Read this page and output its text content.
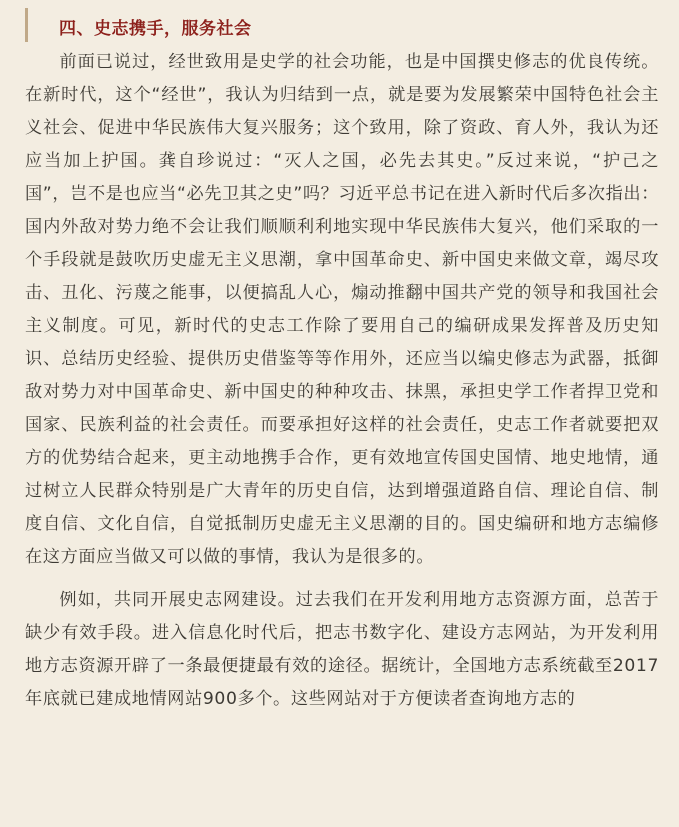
四、史志携手，服务社会

前面已说过，经世致用是史学的社会功能，也是中国撰史修志的优良传统。在新时代，这个“经世”，我认为归结到一点，就是要为发展繁荣中国特色社会主义社会、促进中华民族伟大复兴服务；这个致用，除了资政、育人外，我认为还应当加上护国。龚自珍说过：“灭人之国，必先去其史。”反过来说，“护己之国”，岂不是也应当“必先卫其之史”吗？习近平总书记在进入新时代后多次指出：国内外敌对势力绝不会让我们顺顺利利地实现中华民族伟大复兴，他们采取的一个手段就是鼓吹历史虚无主义思潮，拿中国革命史、新中国史来做文章，竭尽攻击、丑化、污蔑之能事，以便搞乱人心，煽动推翻中国共产党的领导和我国社会主义制度。可见，新时代的史志工作除了要用自己的编研成果发挥普及历史知识、总结历史经验、提供历史借鉴等等作用外，还应当以编史修志为武器，抵御敌对势力对中国革命史、新中国史的种种攻击、抹黑，承担史学工作者捍卫党和国家、民族利益的社会责任。而要承担好这样的社会责任，史志工作者就要把双方的优势结合起来，更主动地携手合作，更有效地宣传国史国情、地史地情，通过树立人民群众特别是广大青年的历史自信，达到增强道路自信、理论自信、制度自信、文化自信，自觉抵制历史虚无主义思潮的目的。国史编研和地方志编修在这方面应当做又可以做的事情，我认为是很多的。

例如，共同开展史志网建设。过去我们在开发利用地方志资源方面，总苦于缺少有效手段。进入信息化时代后，把志书数字化、建设方志网站，为开发利用地方志资源开辟了一条最便捷最有效的途径。据统计，全国地方志系统截至2017年底就已建成地情网站900多个。这些网站对于方便读者查询地方志的
